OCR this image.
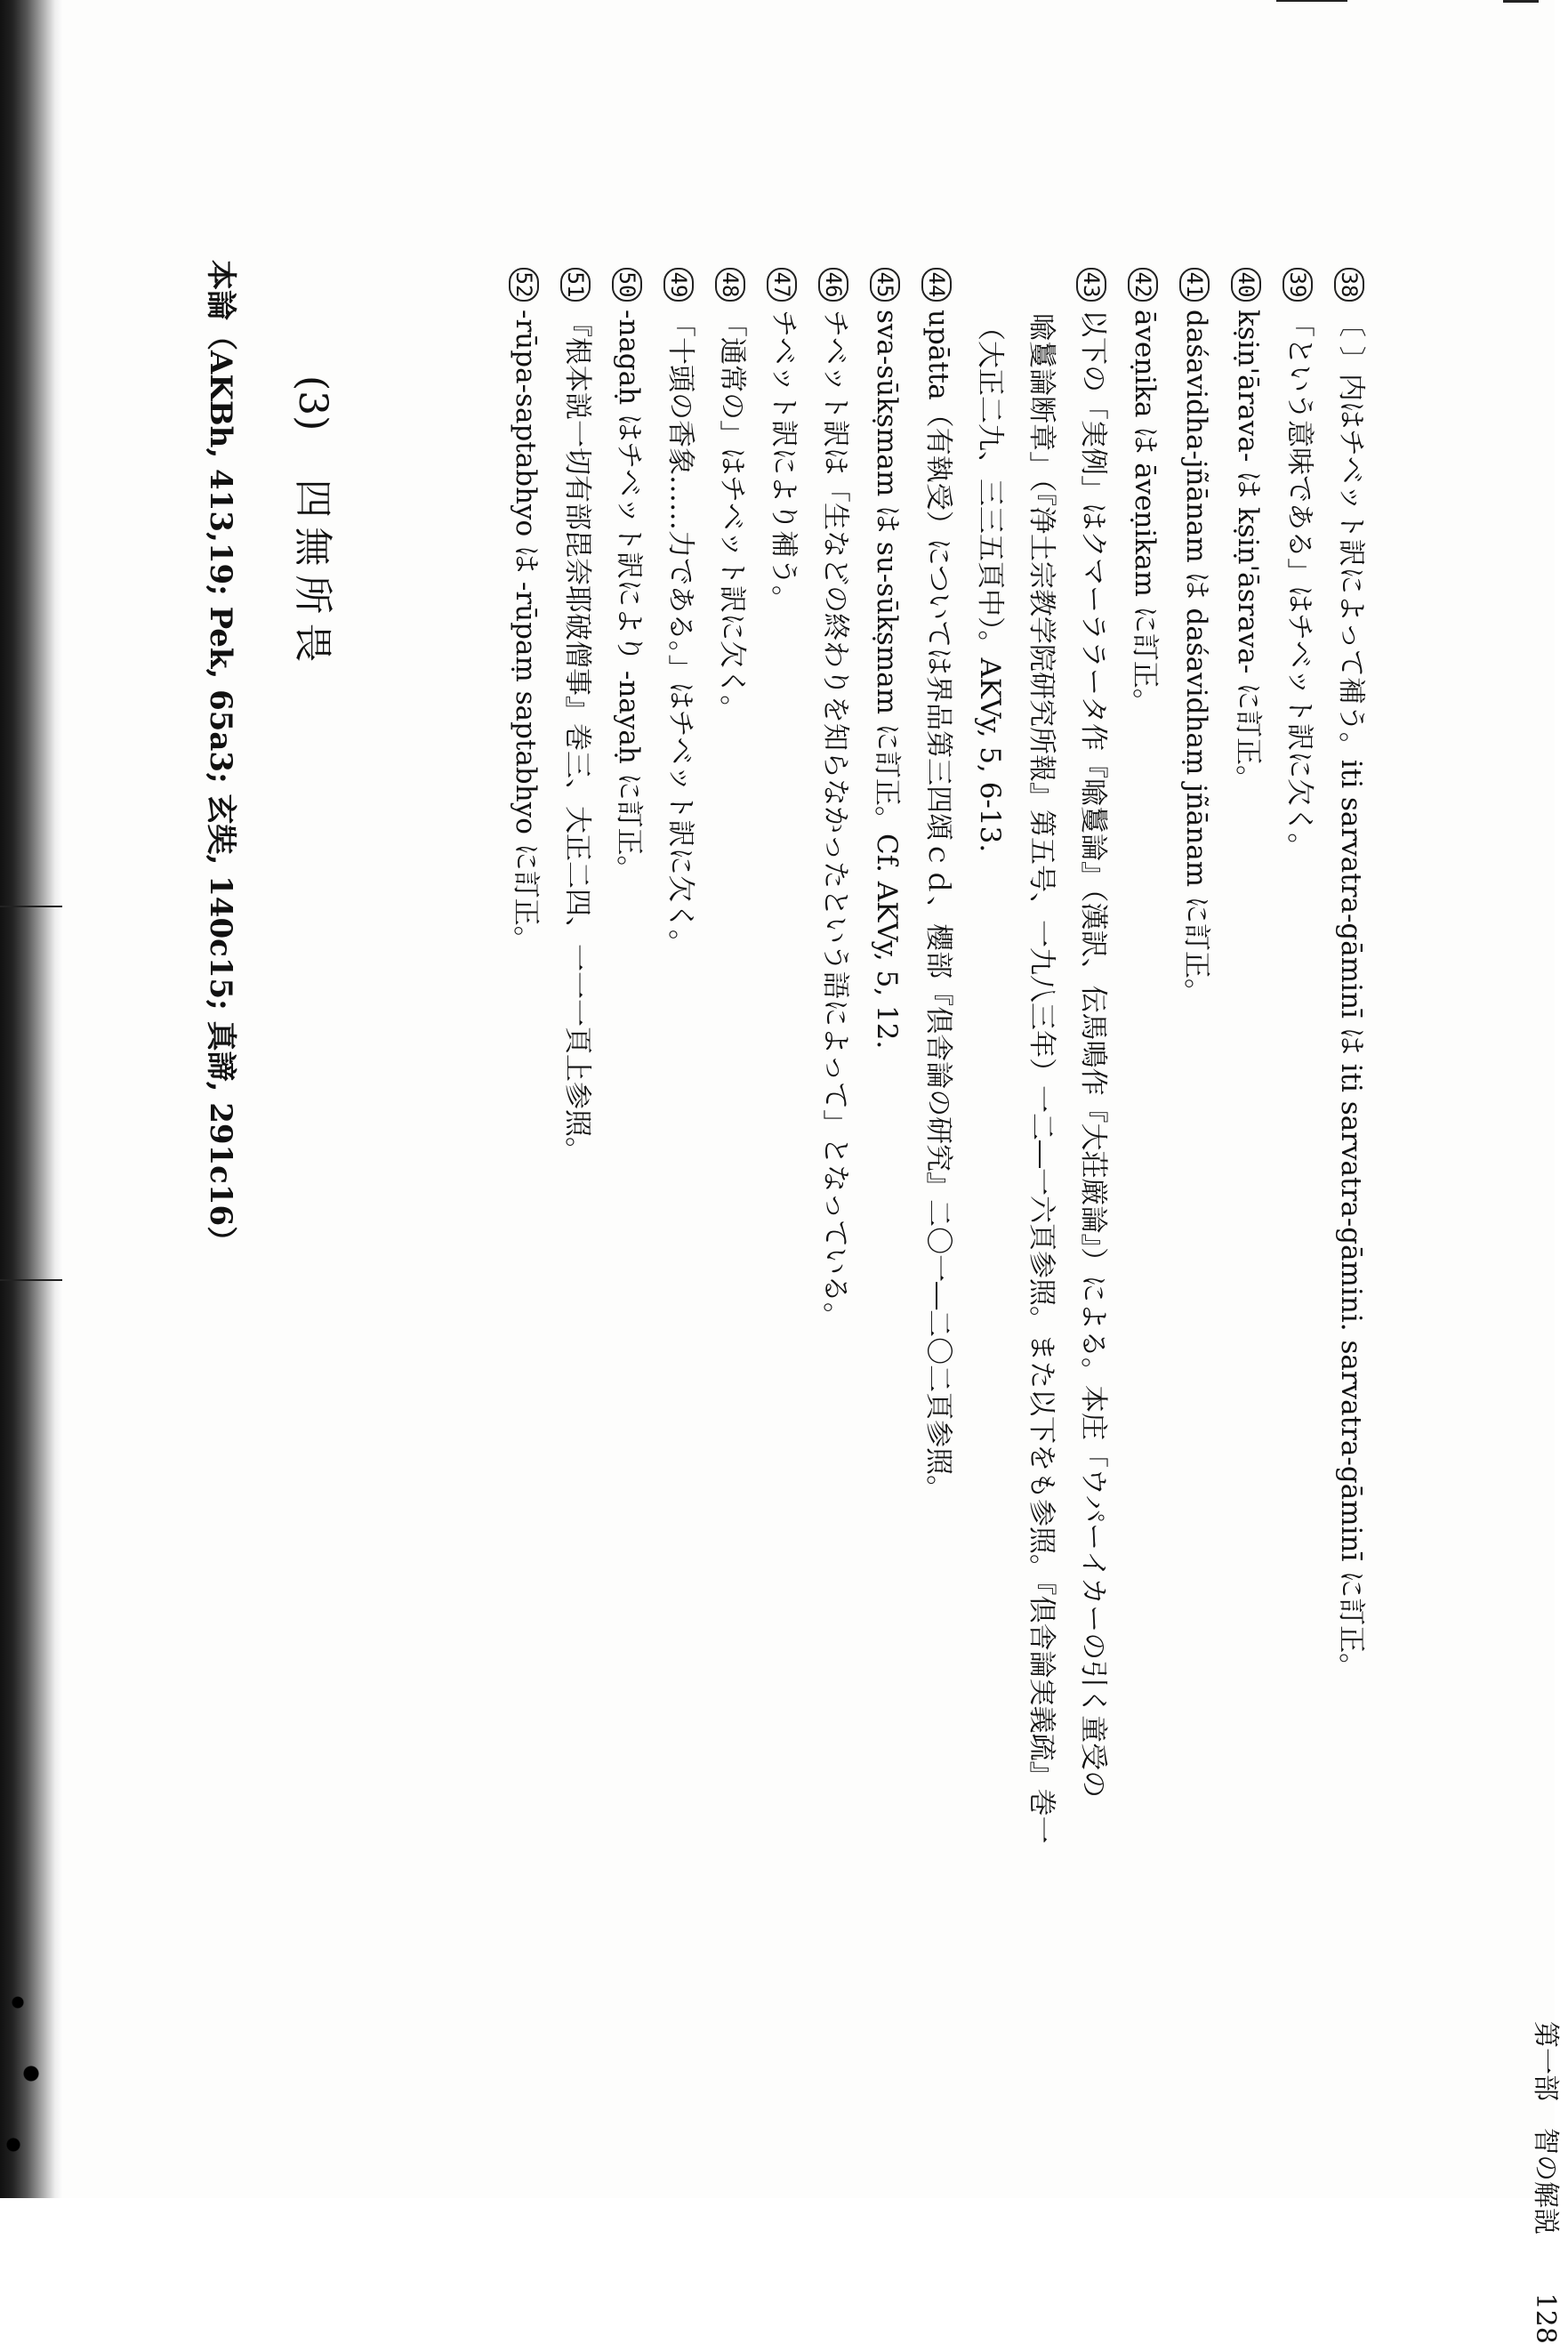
第一部　智の解説 128
38〔 〕内はチベット訳によって補う。iti sarvatra-gāminī は iti sarvatra-gāmini. sarvatra-gāminī に訂正。
39「という意味である」はチベット訳に欠く。
40kṣiṇ'ārava- は kṣiṇ'āsrava- に訂正。
41daśavidha-jñānam は daśavidhaṃ jñānam に訂正。
42āveṇika は āveṇikam に訂正。
43以下の「実例」はクマーララータ作『喩鬘論』（漢訳、伝馬鳴作『大荘厳論』）による。本庄「ウパーイカーの引く童受の
喩鬘論断章」（『浄土宗教学院研究所報』第五号、一九八三年）一二―一六頁参照。また以下をも参照。『倶舎論実義疏』巻一
（大正二九、三三五頁中）。AKVy, 5, 6-13.
44upātta（有執受）については界品第三四頌ｃｄ、櫻部『倶舎論の研究』二〇一―二〇二頁参照。
45sva-sūkṣmam は su-sūkṣmam に訂正。Cf. AKVy, 5, 12.
46チベット訳は「生などの終わりを知らなかったという語によって」となっている。
47チベット訳により補う。
48「通常の」はチベット訳に欠く。
49「十頭の香象……力である。」はチベット訳に欠く。
50-nagaḥ はチベット訳により -nayaḥ に訂正。
51『根本説一切有部毘奈耶破僧事』巻三、大正二四、一一一頁上参照。
52-rūpa-saptabhyo は -rūpaṃ saptabhyo に訂正。
(3) 四無所畏
本論（AKBh, 413,19; Pek, 65a3; 玄奘, 140c15; 真諦, 291c16）
